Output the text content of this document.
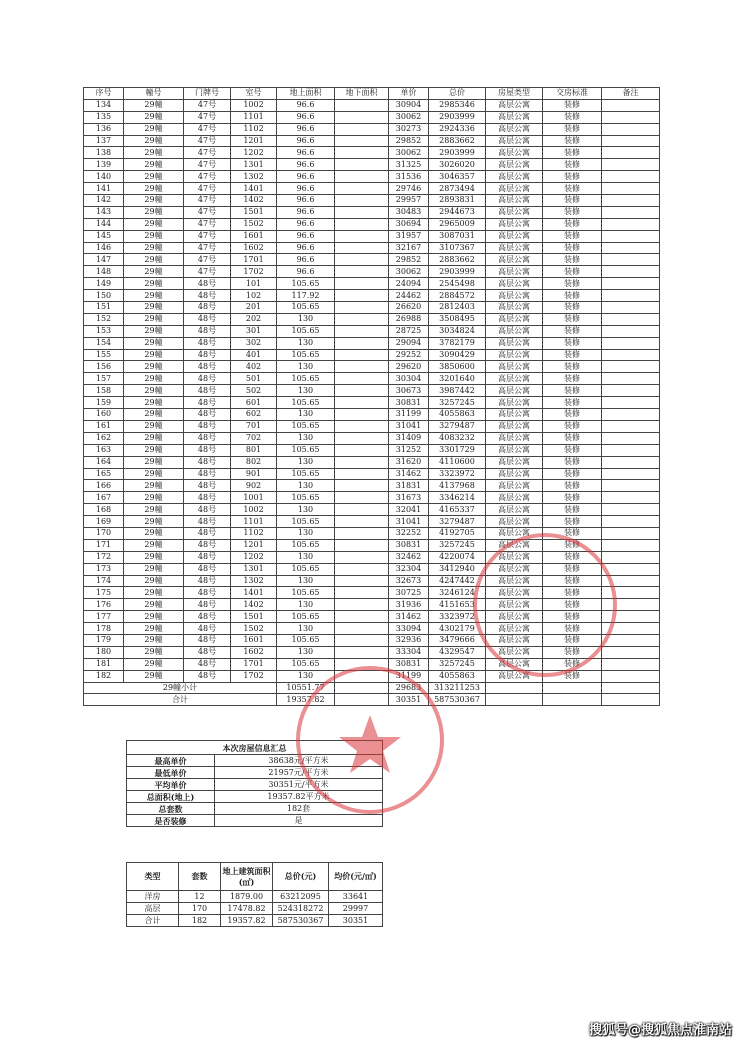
序号	幢号	门牌号	室号	地上面积	地下面积	单价	总价	房屋类型	交房标准	备注
134	29幢	47号	1002	96.6		30904	2985346	高层公寓	装修	
135	29幢	47号	1101	96.6		30062	2903999	高层公寓	装修	
136	29幢	47号	1102	96.6		30273	2924336	高层公寓	装修	
137	29幢	47号	1201	96.6		29852	2883662	高层公寓	装修	
138	29幢	47号	1202	96.6		30062	2903999	高层公寓	装修	
139	29幢	47号	1301	96.6		31325	3026020	高层公寓	装修	
140	29幢	47号	1302	96.6		31536	3046357	高层公寓	装修	
141	29幢	47号	1401	96.6		29746	2873494	高层公寓	装修	
142	29幢	47号	1402	96.6		29957	2893831	高层公寓	装修	
143	29幢	47号	1501	96.6		30483	2944673	高层公寓	装修	
144	29幢	47号	1502	96.6		30694	2965009	高层公寓	装修	
145	29幢	47号	1601	96.6		31957	3087031	高层公寓	装修	
146	29幢	47号	1602	96.6		32167	3107367	高层公寓	装修	
147	29幢	47号	1701	96.6		29852	2883662	高层公寓	装修	
148	29幢	47号	1702	96.6		30062	2903999	高层公寓	装修	
149	29幢	48号	101	105.65		24094	2545498	高层公寓	装修	
150	29幢	48号	102	117.92		24462	2884572	高层公寓	装修	
151	29幢	48号	201	105.65		26620	2812403	高层公寓	装修	
152	29幢	48号	202	130		26988	3508495	高层公寓	装修	
153	29幢	48号	301	105.65		28725	3034824	高层公寓	装修	
154	29幢	48号	302	130		29094	3782179	高层公寓	装修	
155	29幢	48号	401	105.65		29252	3090429	高层公寓	装修	
156	29幢	48号	402	130		29620	3850600	高层公寓	装修	
157	29幢	48号	501	105.65		30304	3201640	高层公寓	装修	
158	29幢	48号	502	130		30673	3987442	高层公寓	装修	
159	29幢	48号	601	105.65		30831	3257245	高层公寓	装修	
160	29幢	48号	602	130		31199	4055863	高层公寓	装修	
161	29幢	48号	701	105.65		31041	3279487	高层公寓	装修	
162	29幢	48号	702	130		31409	4083232	高层公寓	装修	
163	29幢	48号	801	105.65		31252	3301729	高层公寓	装修	
164	29幢	48号	802	130		31620	4110600	高层公寓	装修	
165	29幢	48号	901	105.65		31462	3323972	高层公寓	装修	
166	29幢	48号	902	130		31831	4137968	高层公寓	装修	
167	29幢	48号	1001	105.65		31673	3346214	高层公寓	装修	
168	29幢	48号	1002	130		32041	4165337	高层公寓	装修	
169	29幢	48号	1101	105.65		31041	3279487	高层公寓	装修	
170	29幢	48号	1102	130		32252	4192705	高层公寓	装修	
171	29幢	48号	1201	105.65		30831	3257245	高层公寓	装修	
172	29幢	48号	1202	130		32462	4220074	高层公寓	装修	
173	29幢	48号	1301	105.65		32304	3412940	高层公寓	装修	
174	29幢	48号	1302	130		32673	4247442	高层公寓	装修	
175	29幢	48号	1401	105.65		30725	3246124	高层公寓	装修	
176	29幢	48号	1402	130		31936	4151653	高层公寓	装修	
177	29幢	48号	1501	105.65		31462	3323972	高层公寓	装修	
178	29幢	48号	1502	130		33094	4302179	高层公寓	装修	
179	29幢	48号	1601	105.65		32936	3479666	高层公寓	装修	
180	29幢	48号	1602	130		33304	4329547	高层公寓	装修	
181	29幢	48号	1701	105.65		30831	3257245	高层公寓	装修	
182	29幢	48号	1702	130		31199	4055863	高层公寓	装修	
29幢小计				10551.77		29683	313211253			
合计				19357.82		30351	587530367			
本次房屋信息汇总	
最高单价	38638元/平方米
最低单价	21957元/平方米
平均单价	30351元/平方米
总面积(地上)	19357.82平方米
总套数	182套
是否装修	是
类型	套数	地上建筑面积(㎡)	总价(元)	均价(元/㎡)
洋房	12	1879.00	63212095	33641
高层	170	17478.82	524318272	29997
合计	182	19357.82	587530367	30351
搜狐号@搜狐焦点淮南站
